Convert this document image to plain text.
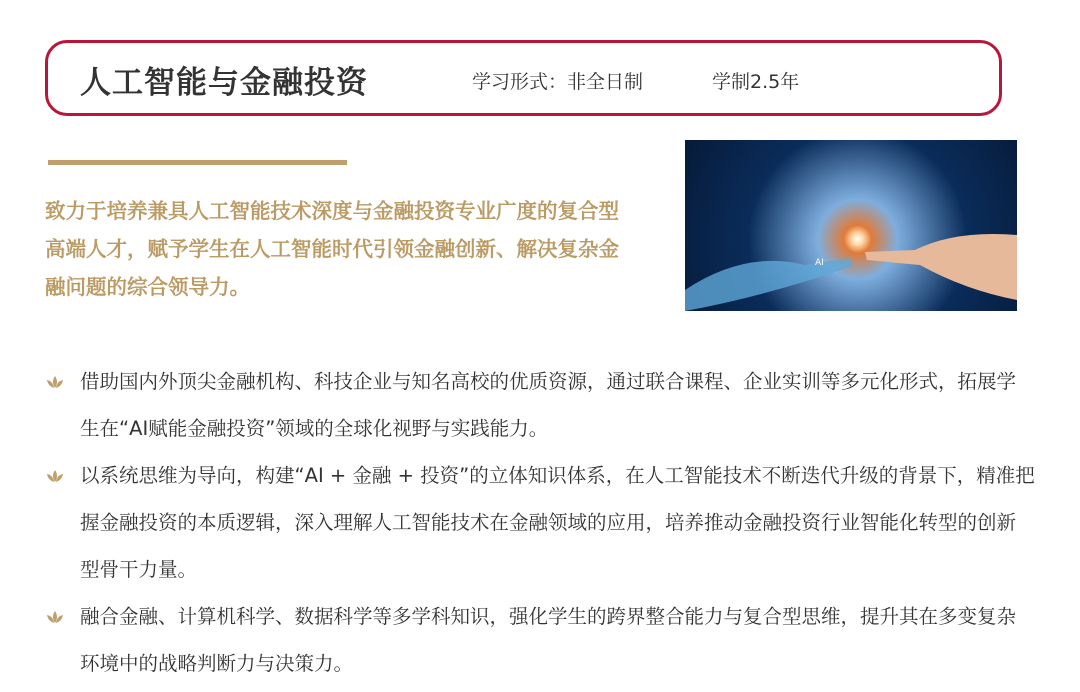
人工智能与金融投资	学习形式：非全日制	学制2.5年
致力于培养兼具人工智能技术深度与金融投资专业广度的复合型高端人才，赋予学生在人工智能时代引领金融创新、解决复杂金融问题的综合领导力。
AI
借助国内外顶尖金融机构、科技企业与知名高校的优质资源，通过联合课程、企业实训等多元化形式，拓展学生在“AI赋能金融投资”领域的全球化视野与实践能力。
以系统思维为导向，构建“AI + 金融 + 投资”的立体知识体系，在人工智能技术不断迭代升级的背景下，精准把握金融投资的本质逻辑，深入理解人工智能技术在金融领域的应用，培养推动金融投资行业智能化转型的创新型骨干力量。
融合金融、计算机科学、数据科学等多学科知识，强化学生的跨界整合能力与复合型思维，提升其在多变复杂环境中的战略判断力与决策力。
